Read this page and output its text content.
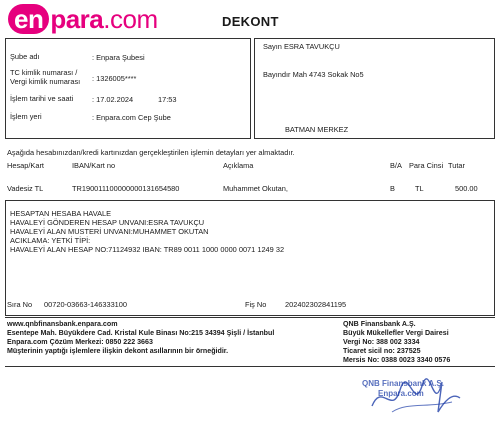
en para.com	DEKONT
Şube adı	: Enpara Şubesi
TC kimlik numarası /
Vergi kimlik numarası : 1326005****
İşlem tarihi ve saati	: 17.02.2024	17:53
İşlem yeri	: Enpara.com Cep Şube
Sayın ESRA TAVUKÇU
Bayındır Mah 4743 Sokak No5
BATMAN MERKEZ
Aşağıda hesabınızdan/kredi kartınızdan gerçekleştirilen işlemin detayları yer almaktadır.
Hesap/Kart	IBAN/Kart no	Açıklama	B/A Para Cinsi Tutar
Vadesiz TL	TR190011100000000131654580	Muhammet Okutan,	B	TL	500.00
HESAPTAN HESABA HAVALE
HAVALEYİ GÖNDEREN HESAP UNVANI:ESRA TAVUKÇU
HAVALEYİ ALAN MUSTERİ UNVANI:MUHAMMET OKUTAN
ACIKLAMA: YETKİ TİPİ:
HAVALEYİ ALAN HESAP NO:71124932 IBAN: TR89 0011 1000 0000 0071 1249 32
Sıra No 00720-03663-146333100	Fiş No	202402302841195
www.qnbfinansbank.enpara.com
Esentepe Mah. Büyükdere Cad. Kristal Kule Binası No:215 34394 Şişli / İstanbul
Enpara.com Çözüm Merkezi: 0850 222 3663
Müşterinin yaptığı işlemlere ilişkin dekont asıllarının bir örneğidir.
QNB Finansbank A.Ş.
Büyük Mükellefler Vergi Dairesi
Vergi No: 388 002 3334
Ticaret sicil no: 237525
Mersis No: 0388 0023 3340 0576
QNB Finansbank A.Ş.
Enpara.com
